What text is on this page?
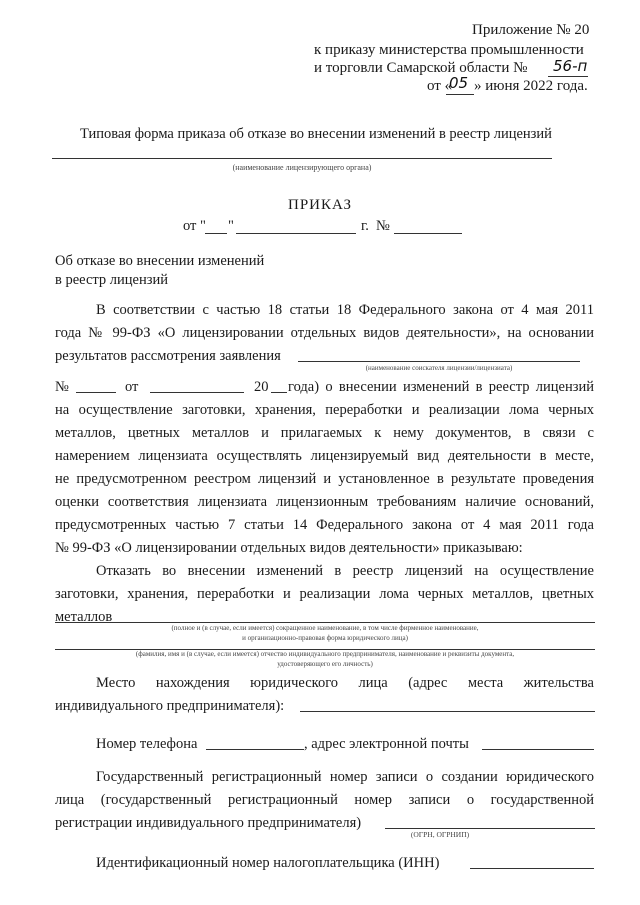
Приложение № 20
к приказу министерства промышленности
и торговли Самарской области № 56-п
от «
05 » июня 2022 года.
Типовая форма приказа об отказе во внесении изменений в реестр лицензий
(наименование лицензирующего органа)
ПРИКАЗ
от " "	г. №
Об отказе во внесении изменений
в реестр лицензий
В соответствии с частью 18 статьи 18 Федерального закона от 4 мая 2011
года № 99-ФЗ «О лицензировании отдельных видов деятельности», на основании
результатов рассмотрения заявления
(наименование соискателя лицензии/лицензиата)
№	от	20 года) о внесении изменений в реестр лицензий
на осуществление заготовки, хранения, переработки и реализации лома черных
металлов, цветных металлов и прилагаемых к нему документов, в связи с
намерением лицензиата осуществлять лицензируемый вид деятельности в месте,
не предусмотренном реестром лицензий и установленное в результате проведения
оценки соответствия лицензиата лицензионным требованиям наличие оснований,
предусмотренных частью 7 статьи 14 Федерального закона от 4 мая 2011 года
№ 99-ФЗ «О лицензировании отдельных видов деятельности» приказываю:
Отказать во внесении изменений в реестр лицензий на осуществление
заготовки, хранения, переработки и реализации лома черных металлов, цветных
металлов
(полное и (в случае, если имеется) сокращенное наименование, в том числе фирменное наименование,
и организационно-правовая форма юридического лица)
(фамилия, имя и (в случае, если имеется) отчество индивидуального предпринимателя, наименование и реквизиты документа,
удостоверяющего его личность)
Место нахождения юридического лица (адрес места жительства
индивидуального предпринимателя):
Номер телефона	, адрес электронной почты
Государственный регистрационный номер записи о создании юридического
лица (государственный регистрационный номер записи о государственной
регистрации индивидуального предпринимателя)
(ОГРН, ОГРНИП)
Идентификационный номер налогоплательщика (ИНН)
